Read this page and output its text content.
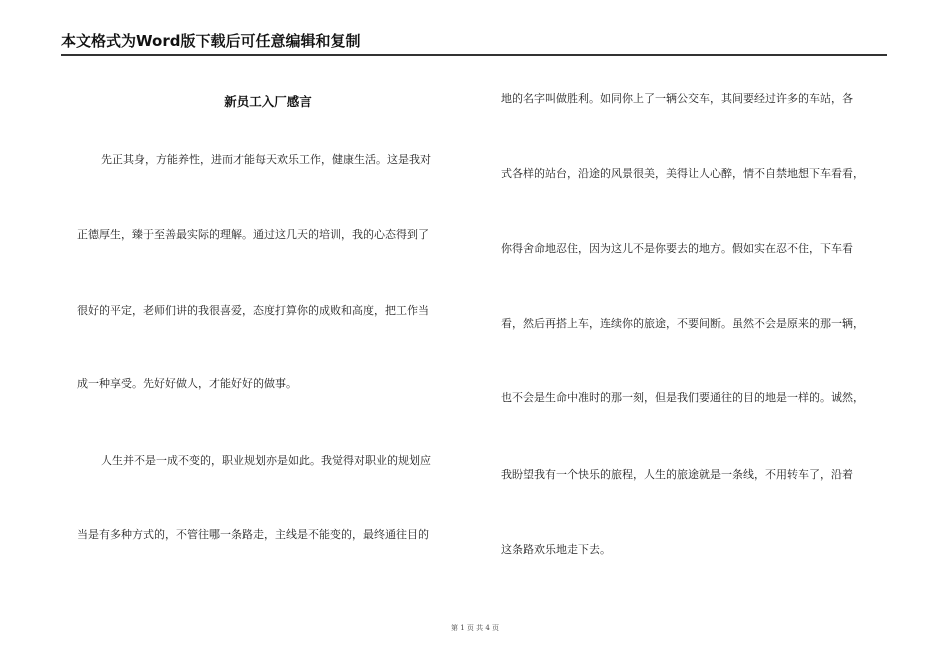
本文格式为Word版下载后可任意编辑和复制
新员工入厂感言
先正其身，方能养性，进而才能每天欢乐工作，健康生活。这是我对
正德厚生，臻于至善最实际的理解。通过这几天的培训，我的心态得到了
很好的平定，老师们讲的我很喜爱，态度打算你的成败和高度，把工作当
成一种享受。先好好做人，才能好好的做事。
人生并不是一成不变的，职业规划亦是如此。我觉得对职业的规划应
当是有多种方式的，不管往哪一条路走，主线是不能变的，最终通往目的
地的名字叫做胜利。如同你上了一辆公交车，其间要经过许多的车站，各
式各样的站台，沿途的风景很美，美得让人心醉，情不自禁地想下车看看，
你得舍命地忍住，因为这儿不是你要去的地方。假如实在忍不住，下车看
看，然后再搭上车，连续你的旅途，不要间断。虽然不会是原来的那一辆，
也不会是生命中准时的那一刻，但是我们要通往的目的地是一样的。诚然，
我盼望我有一个快乐的旅程，人生的旅途就是一条线，不用转车了，沿着
这条路欢乐地走下去。
第 1 页 共 4 页
